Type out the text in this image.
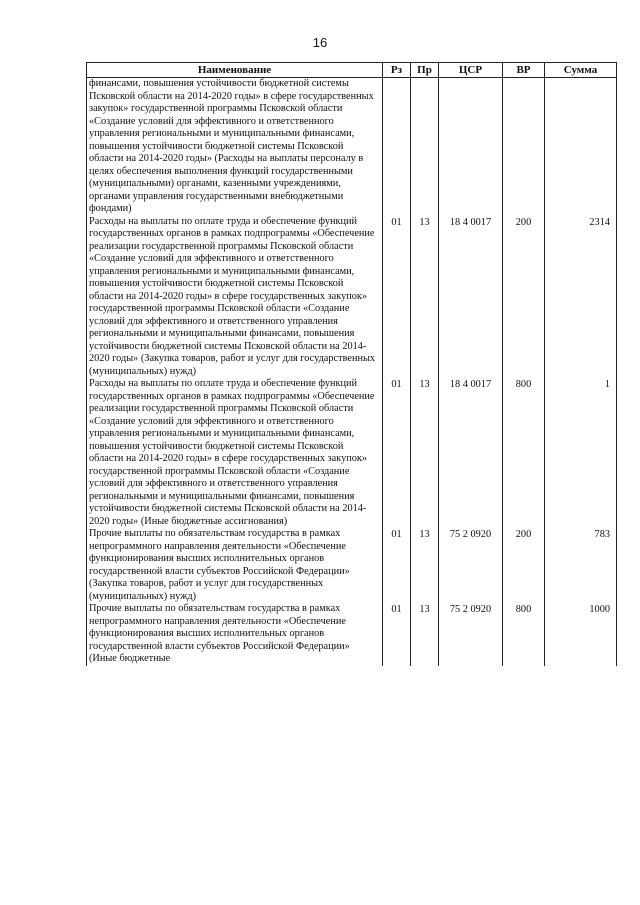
16
Наименование	Рз	Пр	ЦСР	ВР	Сумма
финансами, повышения устойчивости бюджетной системы Псковской области на 2014-2020 годы» в сфере государственных закупок» государственной программы Псковской области «Создание условий для эффективного и ответственного управления региональными и муниципальными финансами, повышения устойчивости бюджетной системы Псковской области на 2014-2020 годы» (Расходы на выплаты персоналу в целях обеспечения выполнения функций государственными (муниципальными) органами, казенными учреждениями, органами управления государственными внебюджетными фондами)					
Расходы на выплаты по оплате труда и обеспечение функций государственных органов в рамках подпрограммы «Обеспечение реализации государственной программы Псковской области «Создание условий для эффективного и ответственного управления региональными и муниципальными финансами, повышения устойчивости бюджетной системы Псковской области на 2014-2020 годы» в сфере государственных закупок» государственной программы Псковской области «Создание условий для эффективного и ответственного управления региональными и муниципальными финансами, повышения устойчивости бюджетной системы Псковской области на 2014-2020 годы» (Закупка товаров, работ и услуг для государственных (муниципальных) нужд)	01	13	18 4 0017	200	2314
Расходы на выплаты по оплате труда и обеспечение функций государственных органов в рамках подпрограммы «Обеспечение реализации государственной программы Псковской области «Создание условий для эффективного и ответственного управления региональными и муниципальными финансами, повышения устойчивости бюджетной системы Псковской области на 2014-2020 годы» в сфере государственных закупок» государственной программы Псковской области «Создание условий для эффективного и ответственного управления региональными и муниципальными финансами, повышения устойчивости бюджетной системы Псковской области на 2014-2020 годы» (Иные бюджетные ассигнования)	01	13	18 4 0017	800	1
Прочие выплаты по обязательствам государства в рамках непрограммного направления деятельности «Обеспечение функционирования высших исполнительных органов государственной власти субъектов Российской Федерации» (Закупка товаров, работ и услуг для государственных (муниципальных) нужд)	01	13	75 2 0920	200	783
Прочие выплаты по обязательствам государства в рамках непрограммного направления деятельности «Обеспечение функционирования высших исполнительных органов государственной власти субъектов Российской Федерации» (Иные бюджетные	01	13	75 2 0920	800	1000
